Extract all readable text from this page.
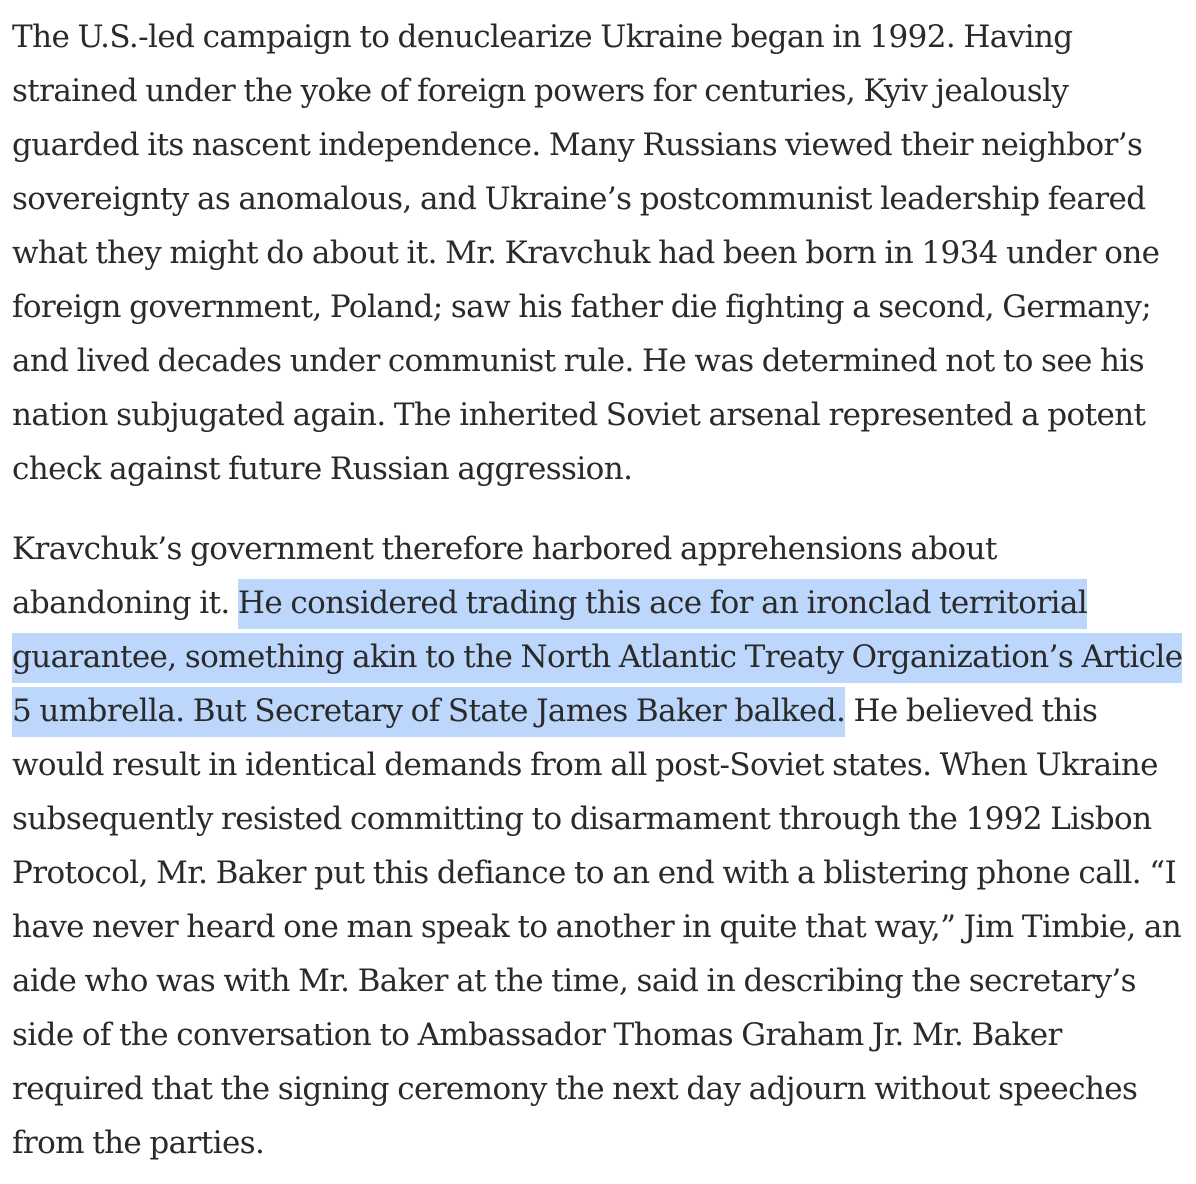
The U.S.-led campaign to denuclearize Ukraine began in 1992. Having strained under the yoke of foreign powers for centuries, Kyiv jealously guarded its nascent independence. Many Russians viewed their neighbor’s sovereignty as anomalous, and Ukraine’s postcommunist leadership feared what they might do about it. Mr. Kravchuk had been born in 1934 under one foreign government, Poland; saw his father die fighting a second, Germany; and lived decades under communist rule. He was determined not to see his nation subjugated again. The inherited Soviet arsenal represented a potent check against future Russian aggression.

Kravchuk’s government therefore harbored apprehensions about abandoning it. He considered trading this ace for an ironclad territorial guarantee, something akin to the North Atlantic Treaty Organization’s Article 5 umbrella. But Secretary of State James Baker balked. He believed this would result in identical demands from all post-Soviet states. When Ukraine subsequently resisted committing to disarmament through the 1992 Lisbon Protocol, Mr. Baker put this defiance to an end with a blistering phone call. “I have never heard one man speak to another in quite that way,” Jim Timbie, an aide who was with Mr. Baker at the time, said in describing the secretary’s side of the conversation to Ambassador Thomas Graham Jr. Mr. Baker required that the signing ceremony the next day adjourn without speeches from the parties.
